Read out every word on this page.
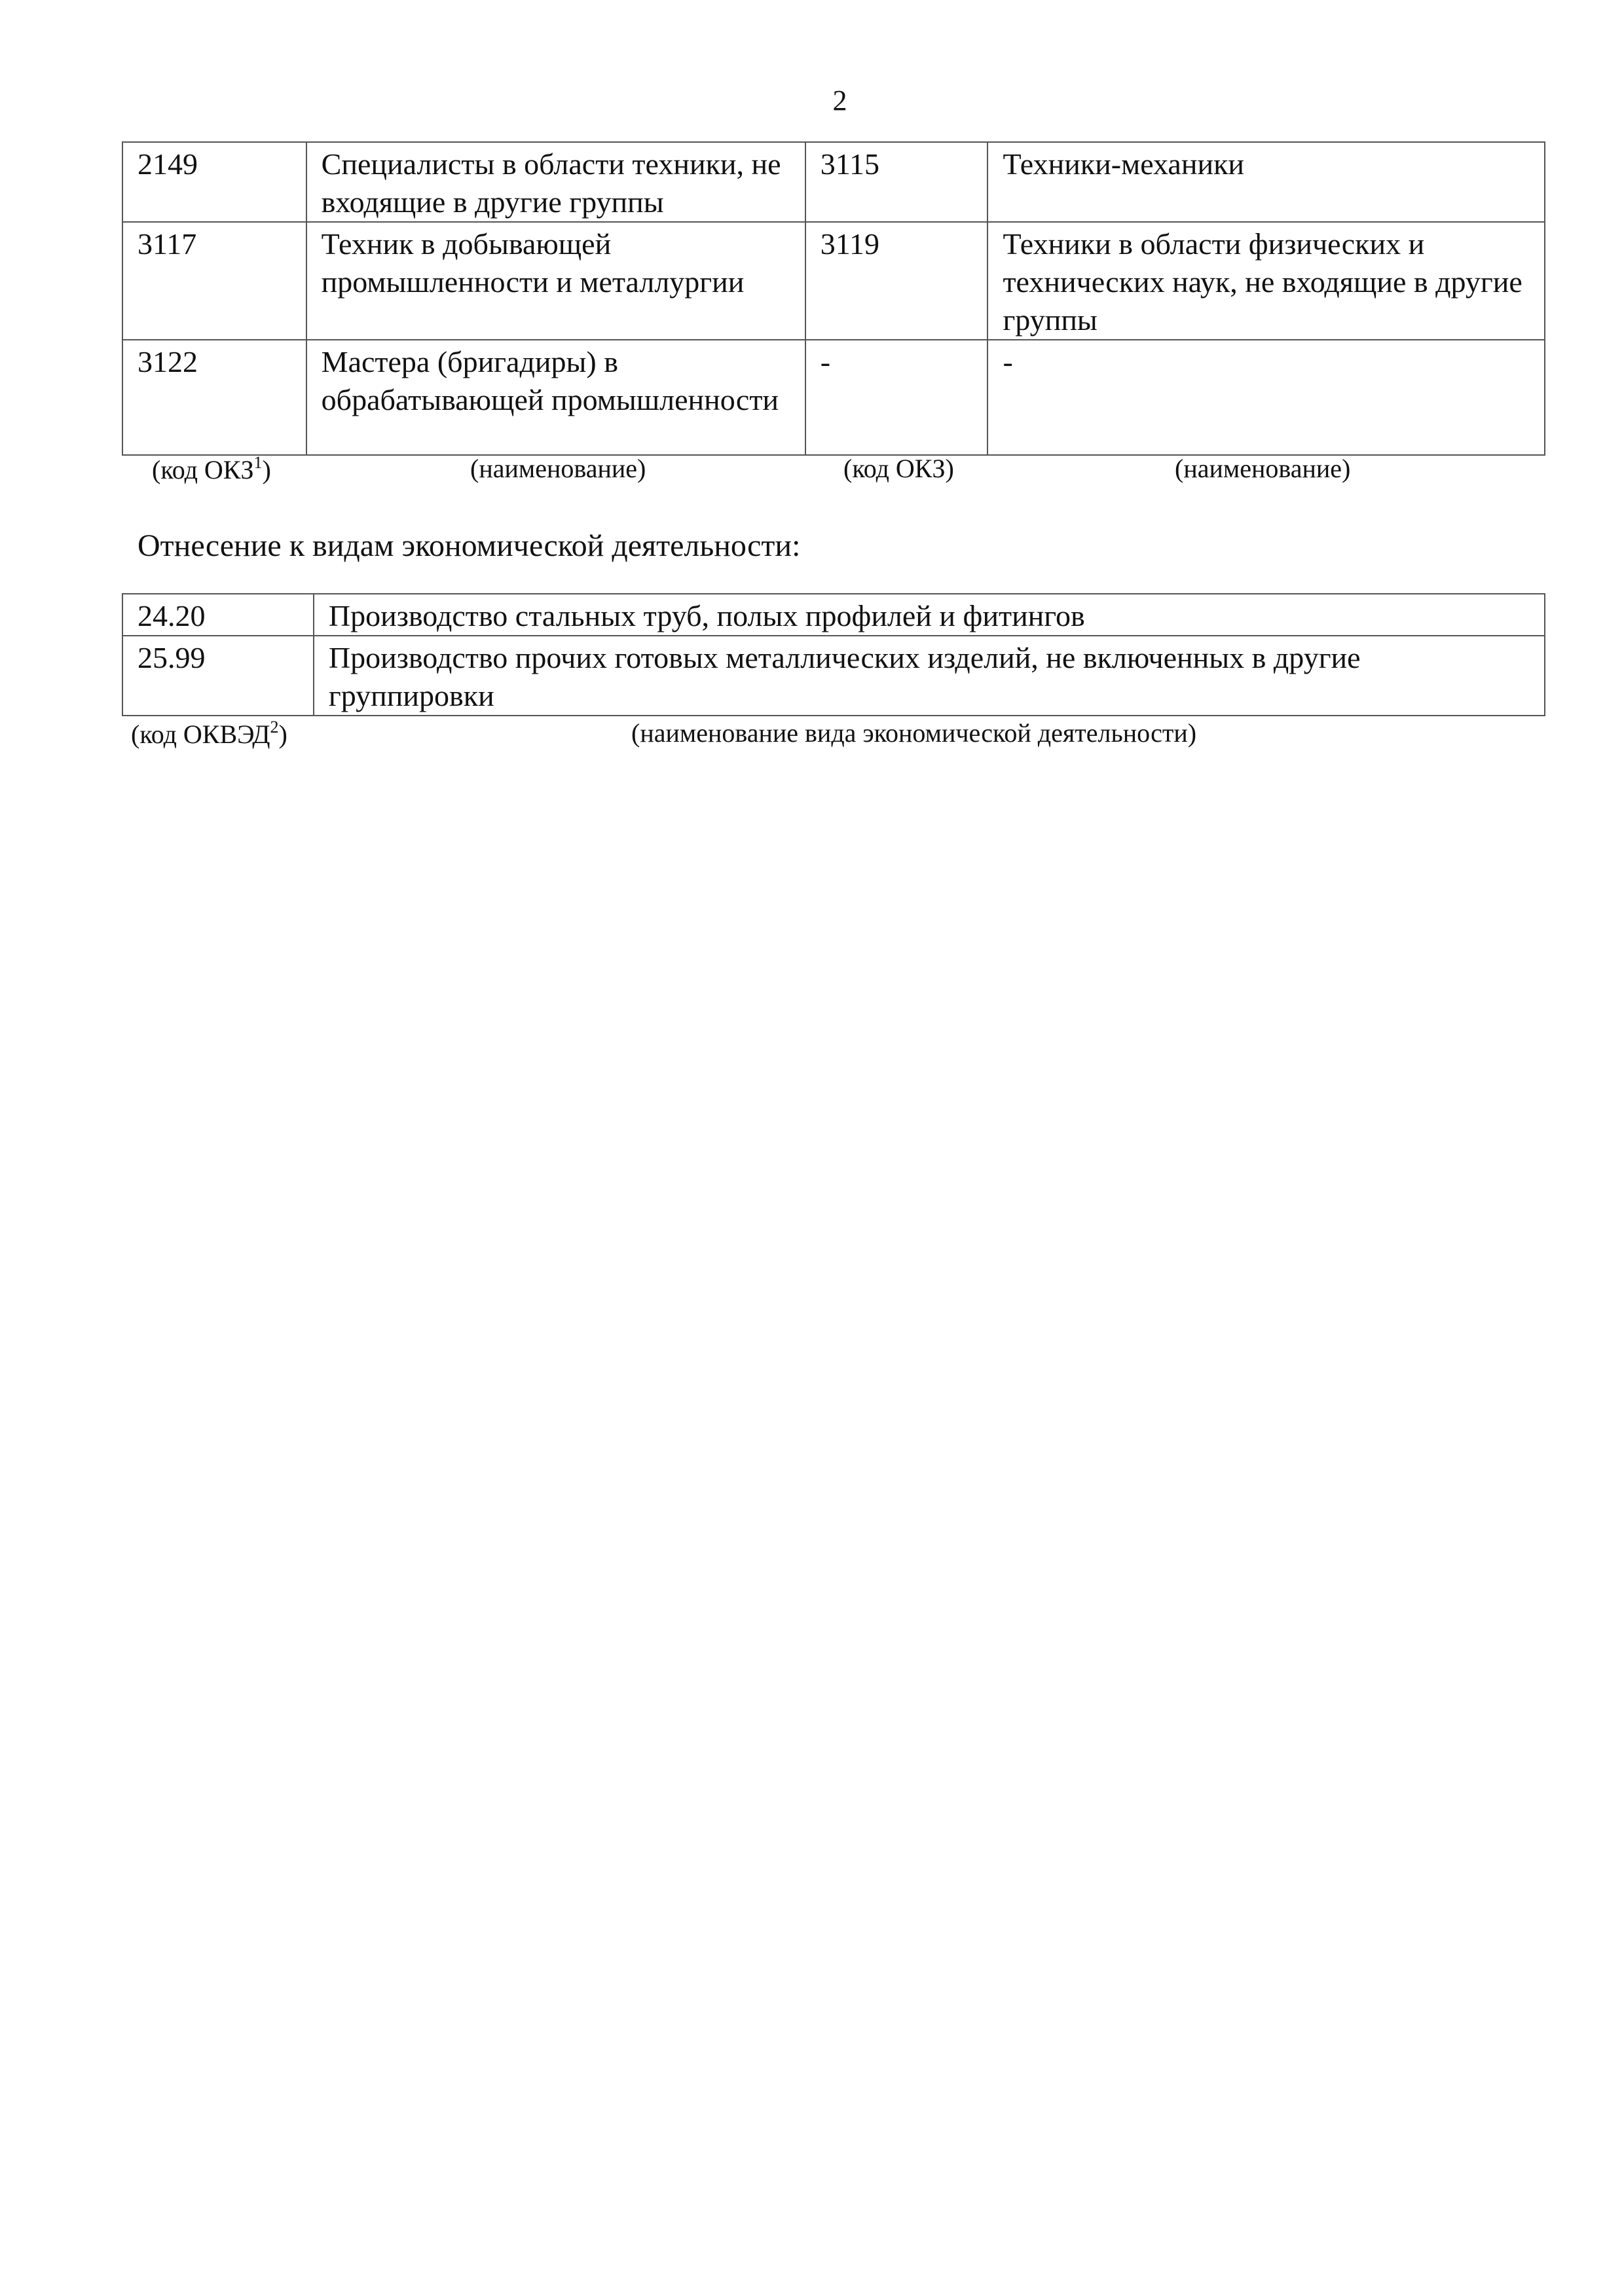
2
2149	Специалисты в области техники, не входящие в другие группы	3115	Техники-механики
3117	Техник в добывающей промышленности и металлургии	3119	Техники в области физических и технических наук, не входящие в другие группы
3122	Мастера (бригадиры) в обрабатывающей промышленности	-	-
(код ОКЗ$^1$)	(наименование)	(код ОКЗ)	(наименование)
Отнесение к видам экономической деятельности:
24.20	Производство стальных труб, полых профилей и фитингов
25.99	Производство прочих готовых металлических изделий, не включенных в другие группировки
(код ОКВЭД$^2$)	(наименование вида экономической деятельности)
